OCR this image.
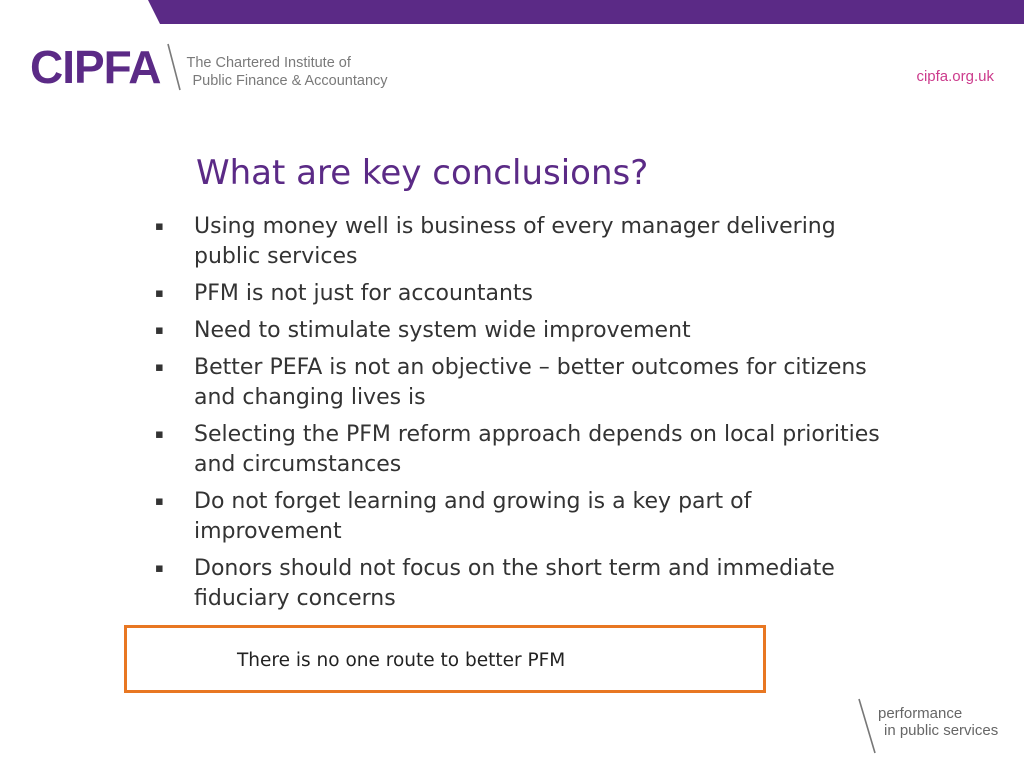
CIPFA The Chartered Institute of
Public Finance & Accountancy	cipfa.org.uk
What are key conclusions?
▪ Using money well is business of every manager delivering public services
▪ PFM is not just for accountants
▪ Need to stimulate system wide improvement
▪ Better PEFA is not an objective – better outcomes for citizens and changing lives is
▪ Selecting the PFM reform approach depends on local priorities and circumstances
▪ Do not forget learning and growing is a key part of improvement
▪ Donors should not focus on the short term and immediate fiduciary concerns
There is no one route to better PFM
performance
in public services
